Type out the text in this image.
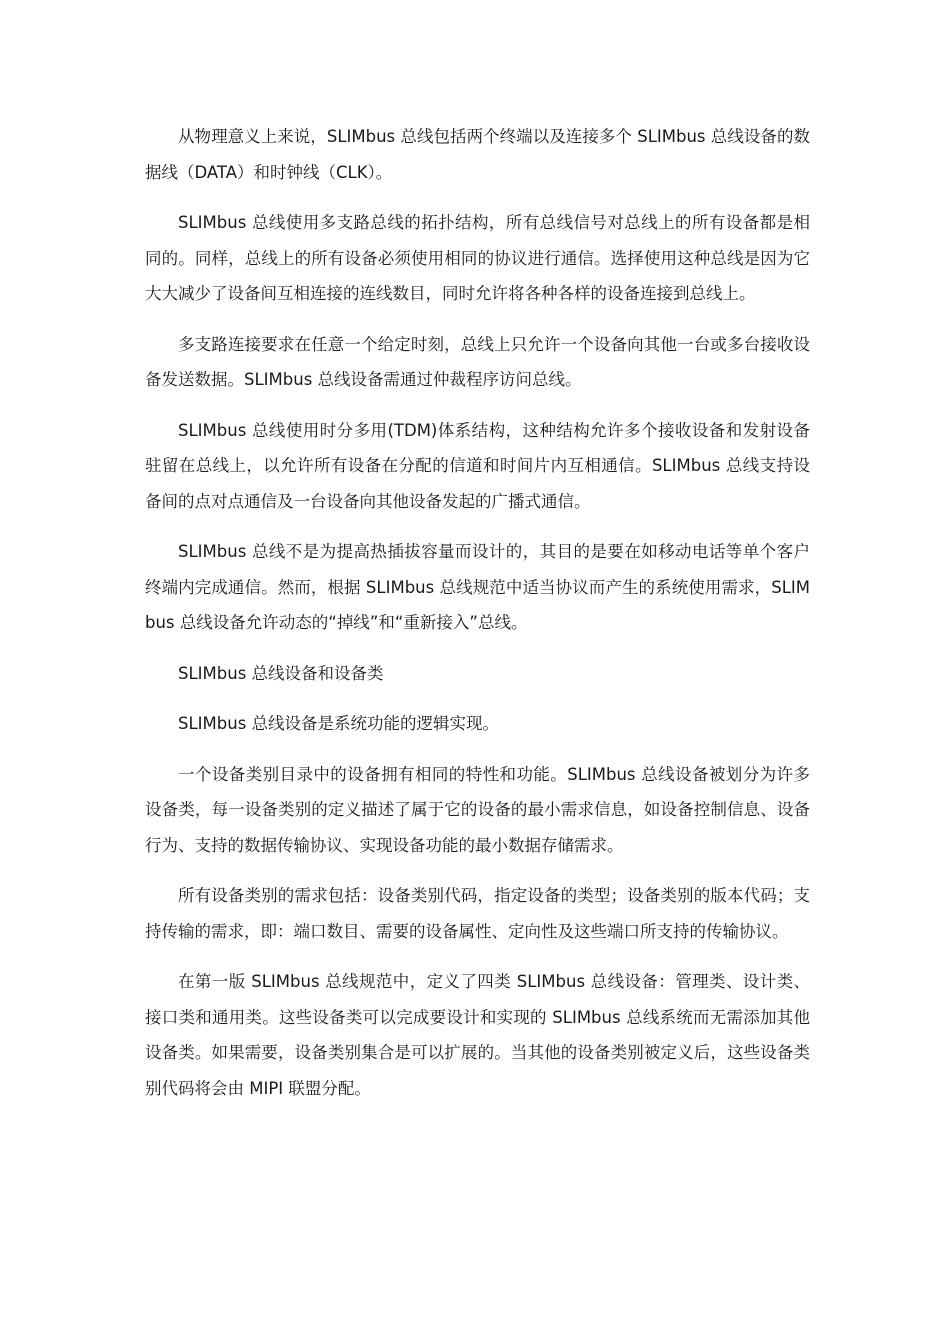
从物理意义上来说，SLIMbus 总线包括两个终端以及连接多个 SLIMbus 总线设备的数据线（DATA）和时钟线（CLK）。

SLIMbus 总线使用多支路总线的拓扑结构，所有总线信号对总线上的所有设备都是相同的。同样，总线上的所有设备必须使用相同的协议进行通信。选择使用这种总线是因为它大大减少了设备间互相连接的连线数目，同时允许将各种各样的设备连接到总线上。

多支路连接要求在任意一个给定时刻，总线上只允许一个设备向其他一台或多台接收设备发送数据。SLIMbus 总线设备需通过仲裁程序访问总线。

SLIMbus 总线使用时分多用(TDM)体系结构，这种结构允许多个接收设备和发射设备驻留在总线上，以允许所有设备在分配的信道和时间片内互相通信。SLIMbus 总线支持设备间的点对点通信及一台设备向其他设备发起的广播式通信。

SLIMbus 总线不是为提高热插拔容量而设计的，其目的是要在如移动电话等单个客户终端内完成通信。然而，根据 SLIMbus 总线规范中适当协议而产生的系统使用需求，SLIMbus 总线设备允许动态的“掉线”和“重新接入”总线。

SLIMbus 总线设备和设备类

SLIMbus 总线设备是系统功能的逻辑实现。

一个设备类别目录中的设备拥有相同的特性和功能。SLIMbus 总线设备被划分为许多设备类，每一设备类别的定义描述了属于它的设备的最小需求信息，如设备控制信息、设备行为、支持的数据传输协议、实现设备功能的最小数据存储需求。

所有设备类别的需求包括：设备类别代码，指定设备的类型；设备类别的版本代码；支持传输的需求，即：端口数目、需要的设备属性、定向性及这些端口所支持的传输协议。

在第一版 SLIMbus 总线规范中，定义了四类 SLIMbus 总线设备：管理类、设计类、接口类和通用类。这些设备类可以完成要设计和实现的 SLIMbus 总线系统而无需添加其他设备类。如果需要，设备类别集合是可以扩展的。当其他的设备类别被定义后，这些设备类别代码将会由 MIPI 联盟分配。
